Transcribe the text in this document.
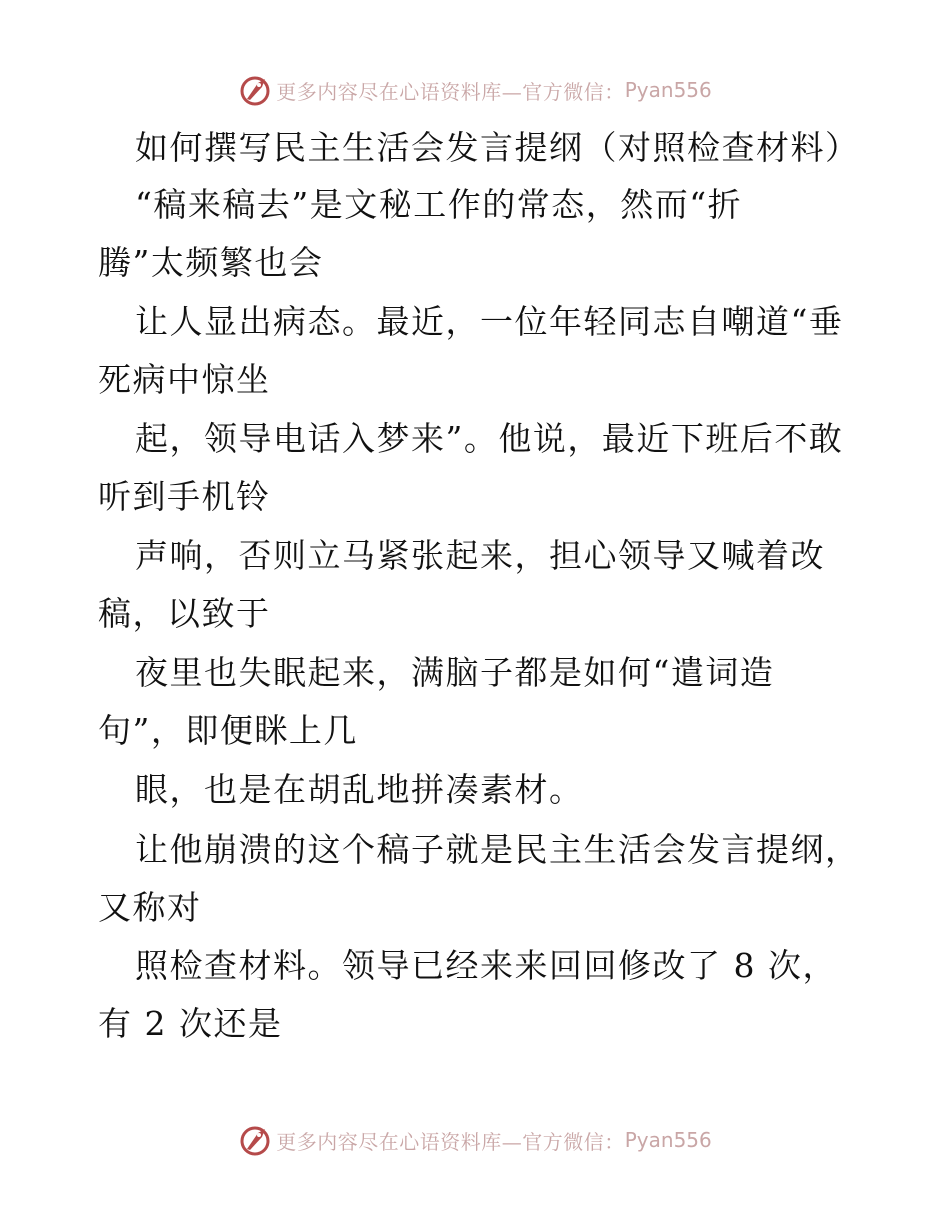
更多内容尽在心语资料库—官方微信： Pyan556
如何撰写民主生活会发言提纲（对照检查材料）
“稿来稿去”是文秘工作的常态，然而“折
腾”太频繁也会
让人显出病态。最近，一位年轻同志自嘲道“垂
死病中惊坐
起，领导电话入梦来”。他说，最近下班后不敢
听到手机铃
声响，否则立马紧张起来，担心领导又喊着改
稿，以致于
夜里也失眠起来，满脑子都是如何“遣词造
句”，即便眯上几
眼，也是在胡乱地拼凑素材。
让他崩溃的这个稿子就是民主生活会发言提纲，
又称对
照检查材料。领导已经来来回回修改了 8 次，
有 2 次还是
更多内容尽在心语资料库—官方微信： Pyan556
